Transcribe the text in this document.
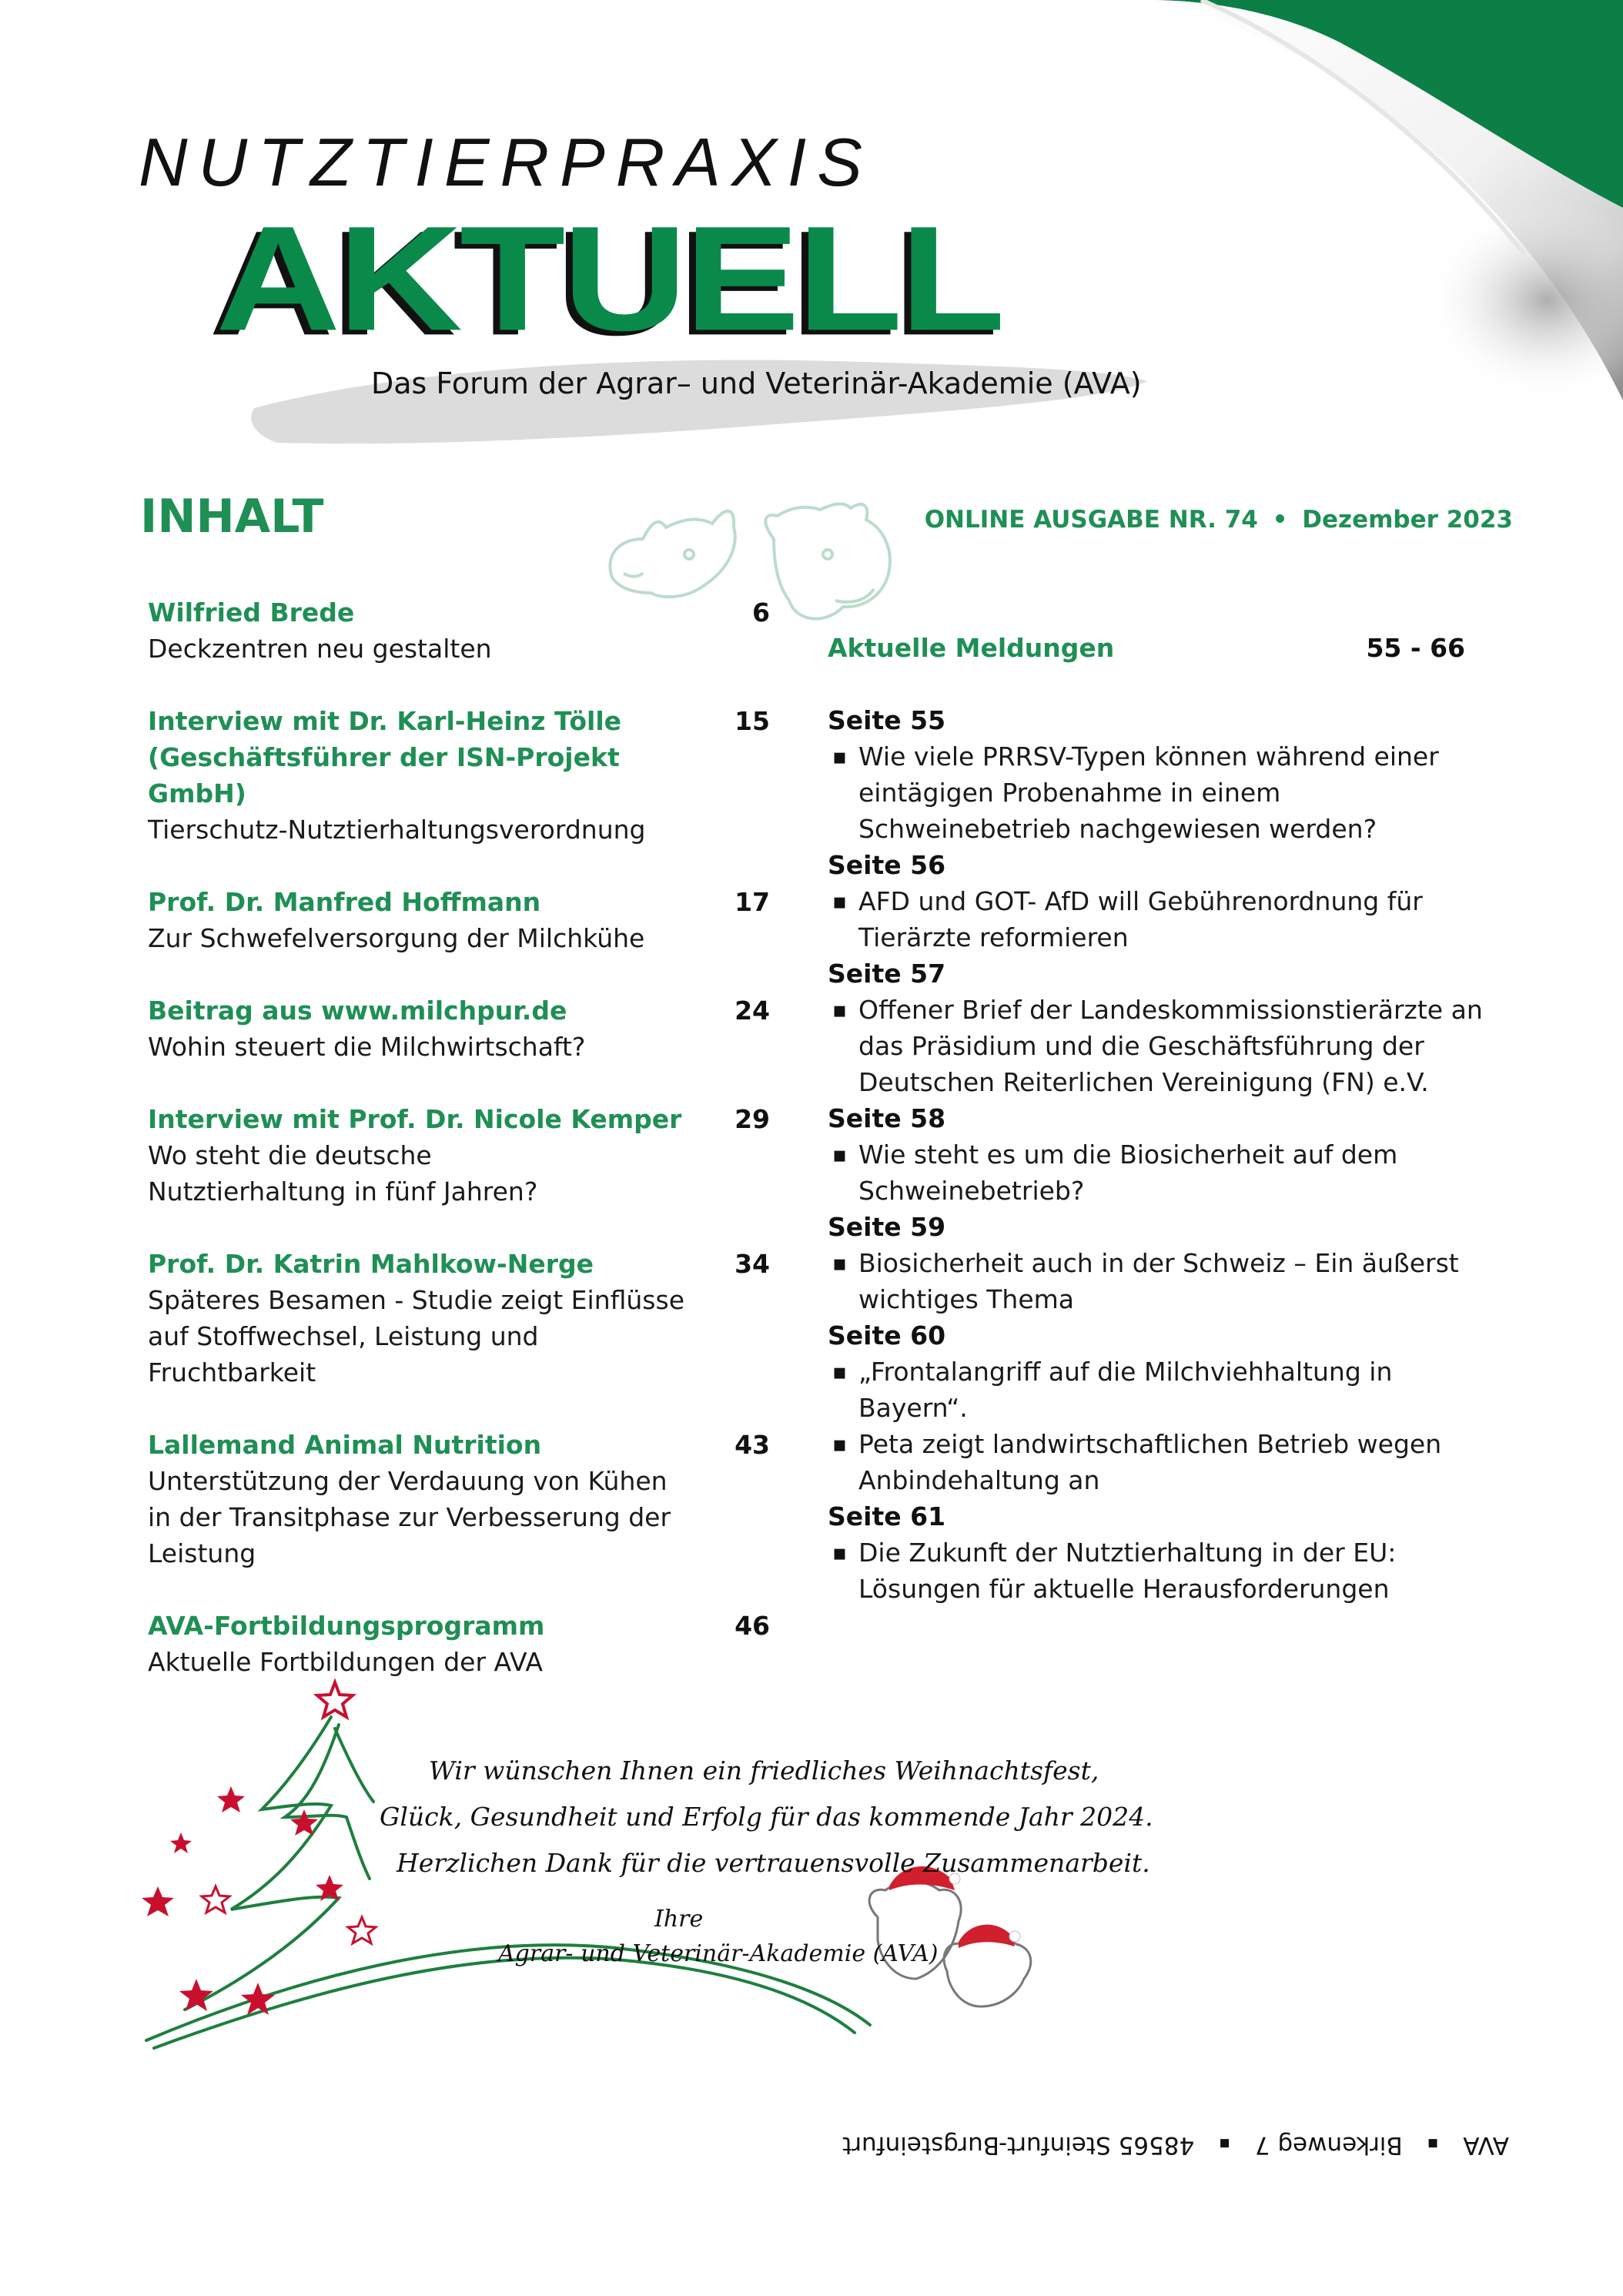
NUTZTIERPRAXIS
AKTUELL
Das Forum der Agrar– und Veterinär-Akademie (AVA)
INHALT	ONLINE AUSGABE NR. 74 • Dezember 2023
Wilfried Brede
Deckzentren neu gestalten
6
Interview mit Dr. Karl-Heinz Tölle (Geschäftsführer der ISN-Projekt GmbH)
Tierschutz-Nutztierhaltungsverordnung
15
Prof. Dr. Manfred Hoffmann
Zur Schwefelversorgung der Milchkühe
17
Beitrag aus www.milchpur.de
Wohin steuert die Milchwirtschaft?
24
Interview mit Prof. Dr. Nicole Kemper
Wo steht die deutsche Nutztierhaltung in fünf Jahren?
29
Prof. Dr. Katrin Mahlkow-Nerge
Späteres Besamen - Studie zeigt Einflüsse auf Stoffwechsel, Leistung und Fruchtbarkeit
34
Lallemand Animal Nutrition
Unterstützung der Verdauung von Kühen in der Transitphase zur Verbesserung der Leistung
43
AVA-Fortbildungsprogramm
Aktuelle Fortbildungen der AVA
46
Aktuelle Meldungen	55 - 66
Seite 55
▪ Wie viele PRRSV-Typen können während einer eintägigen Probenahme in einem Schweinebetrieb nachgewiesen werden?
Seite 56
▪ AFD und GOT- AfD will Gebührenordnung für Tierärzte reformieren
Seite 57
▪ Offener Brief der Landeskommissionstierärzte an das Präsidium und die Geschäftsführung der Deutschen Reiterlichen Vereinigung (FN) e.V.
Seite 58
▪ Wie steht es um die Biosicherheit auf dem Schweinebetrieb?
Seite 59
▪ Biosicherheit auch in der Schweiz – Ein äußerst wichtiges Thema
Seite 60
▪ „Frontalangriff auf die Milchviehhaltung in Bayern“.
▪ Peta zeigt landwirtschaftlichen Betrieb wegen Anbindehaltung an
Seite 61
▪ Die Zukunft der Nutztierhaltung in der EU: Lösungen für aktuelle Herausforderungen
Wir wünschen Ihnen ein friedliches Weihnachtsfest,
Glück, Gesundheit und Erfolg für das kommende Jahr 2024.
Herzlichen Dank für die vertrauensvolle Zusammenarbeit.
Ihre
Agrar- und Veterinär-Akademie (AVA)
AVA ▪ Birkenweg 7 ▪ 48565 Steinfurt-Burgsteinfurt
